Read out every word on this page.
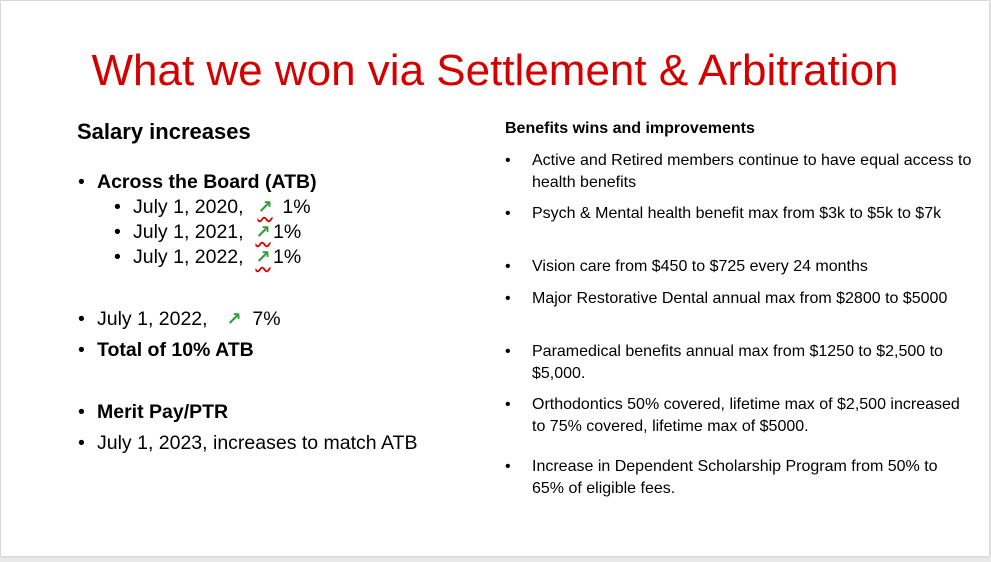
What we won via Settlement & Arbitration
Salary increases
• Across the Board (ATB)
• July 1, 2020, ↗ 1%
• July 1, 2021, ↗ 1%
• July 1, 2022, ↗ 1%
• July 1, 2022, ↗ 7%
• Total of 10% ATB
• Merit Pay/PTR
• July 1, 2023, increases to match ATB
Benefits wins and improvements
• Active and Retired members continue to have equal access to health benefits
• Psych & Mental health benefit max from $3k to $5k to $7k
• Vision care from $450 to $725 every 24 months
• Major Restorative Dental annual max from $2800 to $5000
• Paramedical benefits annual max from $1250 to $2,500 to $5,000.
• Orthodontics 50% covered, lifetime max of $2,500 increased to 75% covered, lifetime max of $5000.
• Increase in Dependent Scholarship Program from 50% to 65% of eligible fees.
